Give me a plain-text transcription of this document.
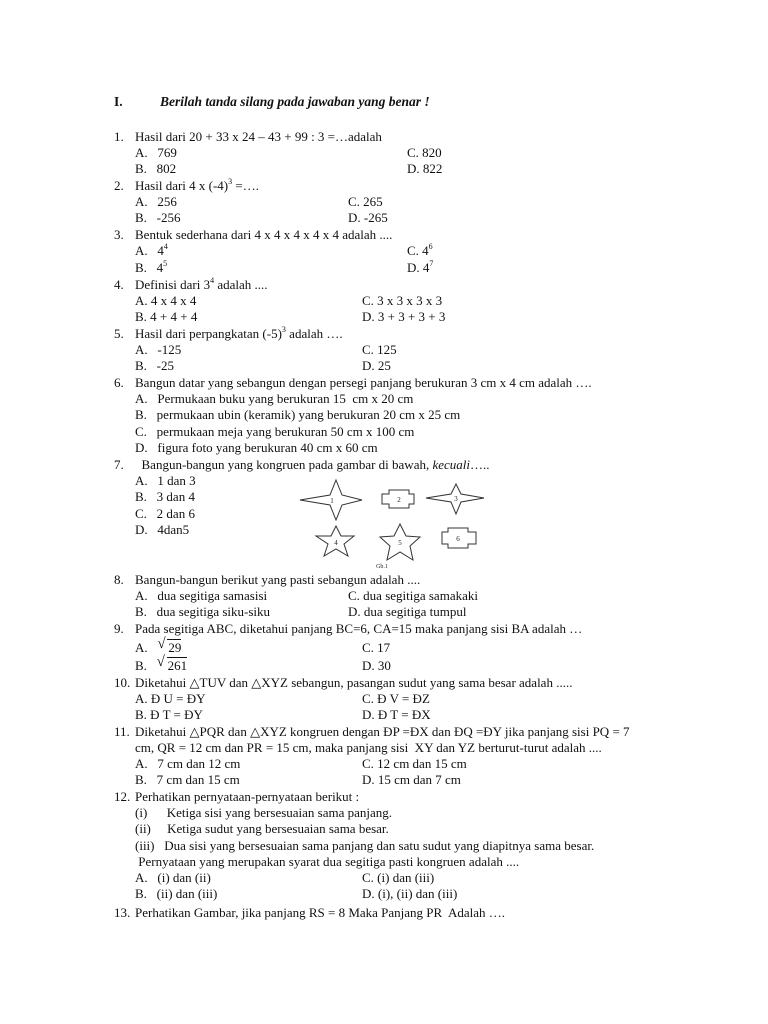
I.	Berilah tanda silang pada jawaban yang benar !
1. Hasil dari 20 + 33 x 24 – 43 + 99 : 3 =…adalah
A.   769	C. 820
B.   802	D. 822
2. Hasil dari 4 x $(-4)^3$ =….
A.   256	C. 265
B.   -256	D. -265
3. Bentuk sederhana dari 4 x 4 x 4 x 4 x 4 adalah ....
A.   $4^4$	C. $4^6$
B.   $4^5$	D. $4^7$
4. Definisi dari $3^4$ adalah ....
A. 4 x 4 x 4	C. 3 x 3 x 3 x 3
B. 4 + 4 + 4	D. 3 + 3 + 3 + 3
5. Hasil dari perpangkatan $(-5)^3$ adalah ….
A.   -125	C. 125
B.   -25	D. 25
6. Bangun datar yang sebangun dengan persegi panjang berukuran 3 cm x 4 cm adalah ….
A.   Permukaan buku yang berukuran 15  cm x 20 cm
B.   permukaan ubin (keramik) yang berukuran 20 cm x 25 cm
C.   permukaan meja yang berukuran 50 cm x 100 cm
D.   figura foto yang berukuran 40 cm x 60 cm
7. Bangun-bangun yang kongruen pada gambar di bawah, kecuali…..
A.   1 dan 3
B.   3 dan 4
C.   2 dan 6
D.   4dan5
1	2	3
4	5	6
Gb.1
8. Bangun-bangun berikut yang pasti sebangun adalah ....
A.   dua segitiga samasisi	C. dua segitiga samakaki
B.   dua segitiga siku-siku	D. dua segitiga tumpul
9. Pada segitiga ABC, diketahui panjang BC=6, CA=15 maka panjang sisi BA adalah …
A. √ 29	C. 17
B. √ 261	D. 30
10. Diketahui △TUV dan △XYZ sebangun, pasangan sudut yang sama besar adalah .....
A. Ð U = ÐY	C. Ð V = ÐZ
B. Ð T = ÐY	D. Ð T = ÐX
11. Diketahui △PQR dan △XYZ kongruen dengan ÐP =ÐX dan ÐQ =ÐY jika panjang sisi PQ = 7
cm, QR = 12 cm dan PR = 15 cm, maka panjang sisi  XY dan YZ berturut-turut adalah ....
A.   7 cm dan 12 cm	C. 12 cm dan 15 cm
B.   7 cm dan 15 cm	D. 15 cm dan 7 cm
12. Perhatikan pernyataan-pernyataan berikut :
(i)      Ketiga sisi yang bersesuaian sama panjang.
(ii)     Ketiga sudut yang bersesuaian sama besar.
(iii)   Dua sisi yang bersesuaian sama panjang dan satu sudut yang diapitnya sama besar.
Pernyataan yang merupakan syarat dua segitiga pasti kongruen adalah ....
A.   (i) dan (ii)	C. (i) dan (iii)
B.   (ii) dan (iii)	D. (i), (ii) dan (iii)
13. Perhatikan Gambar, jika panjang RS = 8 Maka Panjang PR  Adalah ….
